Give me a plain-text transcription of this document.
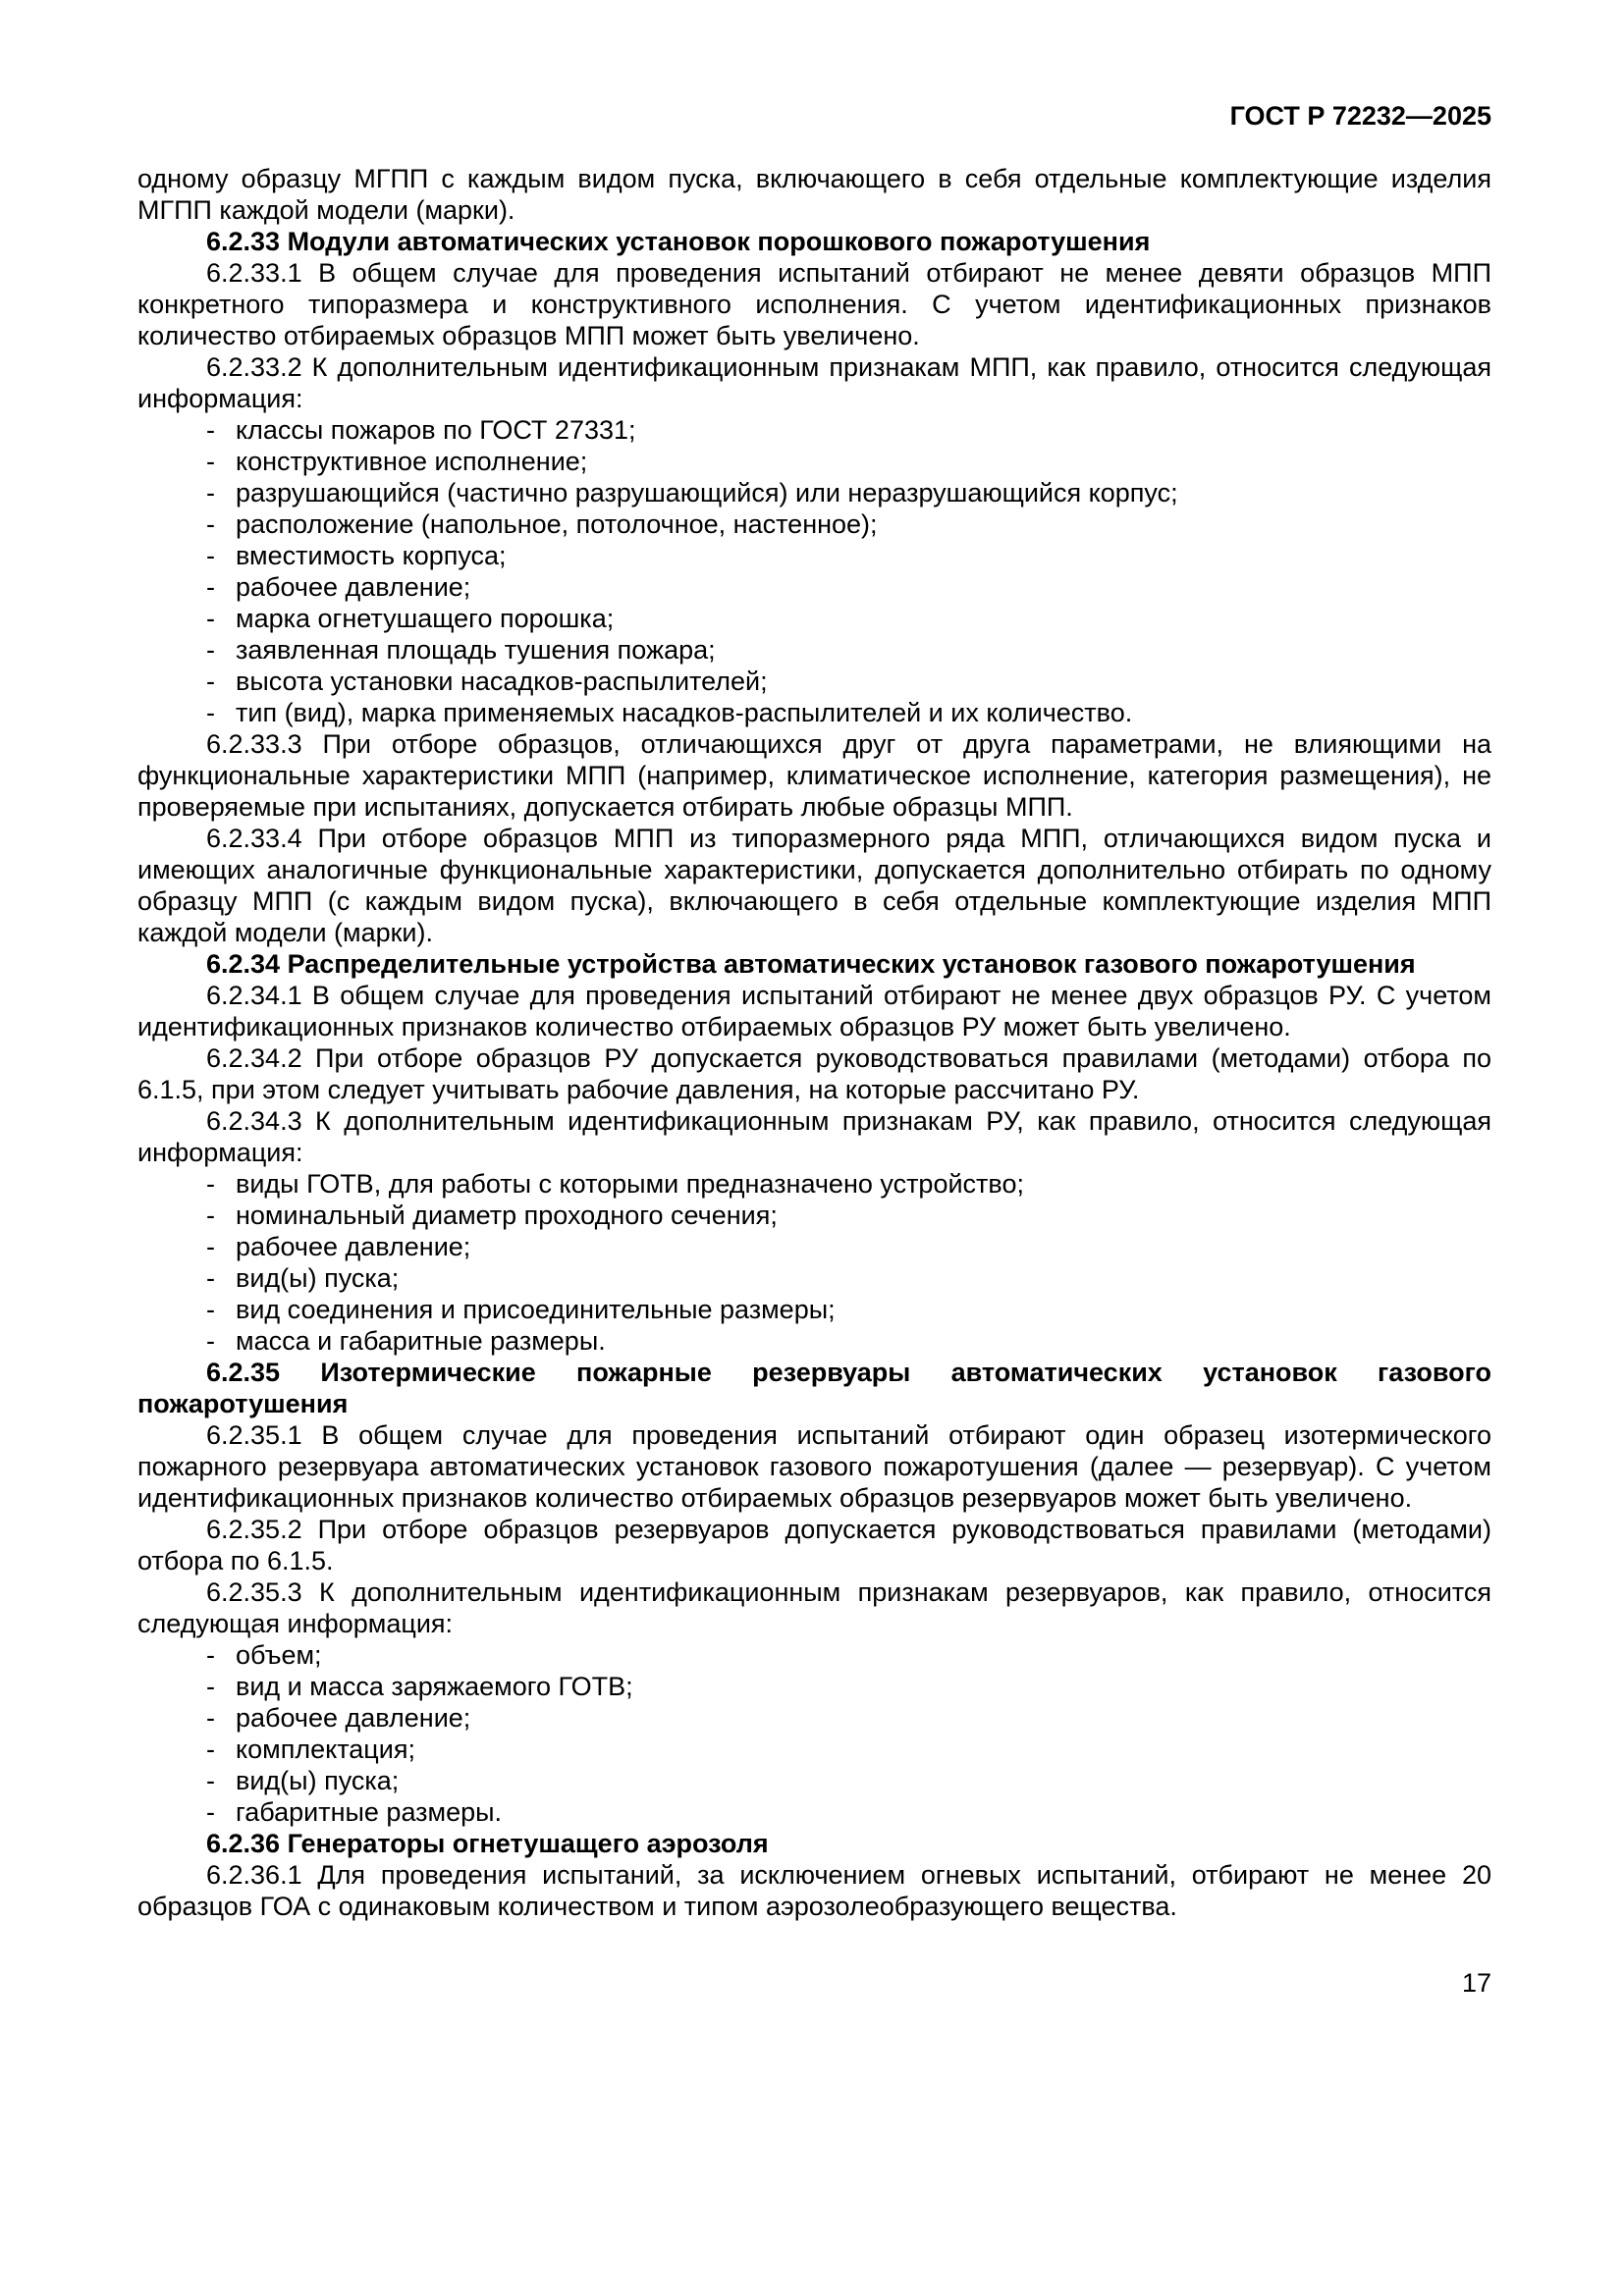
ГОСТ Р 72232—2025

одному образцу МГПП с каждым видом пуска, включающего в себя отдельные комплектующие изделия МГПП каждой модели (марки).

6.2.33 Модули автоматических установок порошкового пожаротушения

6.2.33.1 В общем случае для проведения испытаний отбирают не менее девяти образцов МПП конкретного типоразмера и конструктивного исполнения. С учетом идентификационных признаков количество отбираемых образцов МПП может быть увеличено.

6.2.33.2 К дополнительным идентификационным признакам МПП, как правило, относится следующая информация:

- классы пожаров по ГОСТ 27331;
- конструктивное исполнение;
- разрушающийся (частично разрушающийся) или неразрушающийся корпус;
- расположение (напольное, потолочное, настенное);
- вместимость корпуса;
- рабочее давление;
- марка огнетушащего порошка;
- заявленная площадь тушения пожара;
- высота установки насадков-распылителей;
- тип (вид), марка применяемых насадков-распылителей и их количество.

6.2.33.3 При отборе образцов, отличающихся друг от друга параметрами, не влияющими на функциональные характеристики МПП (например, климатическое исполнение, категория размещения), не проверяемые при испытаниях, допускается отбирать любые образцы МПП.

6.2.33.4 При отборе образцов МПП из типоразмерного ряда МПП, отличающихся видом пуска и имеющих аналогичные функциональные характеристики, допускается дополнительно отбирать по одному образцу МПП (с каждым видом пуска), включающего в себя отдельные комплектующие изделия МПП каждой модели (марки).

6.2.34 Распределительные устройства автоматических установок газового пожаротушения

6.2.34.1 В общем случае для проведения испытаний отбирают не менее двух образцов РУ. С учетом идентификационных признаков количество отбираемых образцов РУ может быть увеличено.

6.2.34.2 При отборе образцов РУ допускается руководствоваться правилами (методами) отбора по 6.1.5, при этом следует учитывать рабочие давления, на которые рассчитано РУ.

6.2.34.3 К дополнительным идентификационным признакам РУ, как правило, относится следующая информация:

- виды ГОТВ, для работы с которыми предназначено устройство;
- номинальный диаметр проходного сечения;
- рабочее давление;
- вид(ы) пуска;
- вид соединения и присоединительные размеры;
- масса и габаритные размеры.

6.2.35 Изотермические пожарные резервуары автоматических установок газового пожаротушения

6.2.35.1 В общем случае для проведения испытаний отбирают один образец изотермического пожарного резервуара автоматических установок газового пожаротушения (далее — резервуар). С учетом идентификационных признаков количество отбираемых образцов резервуаров может быть увеличено.

6.2.35.2 При отборе образцов резервуаров допускается руководствоваться правилами (методами) отбора по 6.1.5.

6.2.35.3 К дополнительным идентификационным признакам резервуаров, как правило, относится следующая информация:

- объем;
- вид и масса заряжаемого ГОТВ;
- рабочее давление;
- комплектация;
- вид(ы) пуска;
- габаритные размеры.

6.2.36 Генераторы огнетушащего аэрозоля

6.2.36.1 Для проведения испытаний, за исключением огневых испытаний, отбирают не менее 20 образцов ГОА с одинаковым количеством и типом аэрозолеобразующего вещества.

17
